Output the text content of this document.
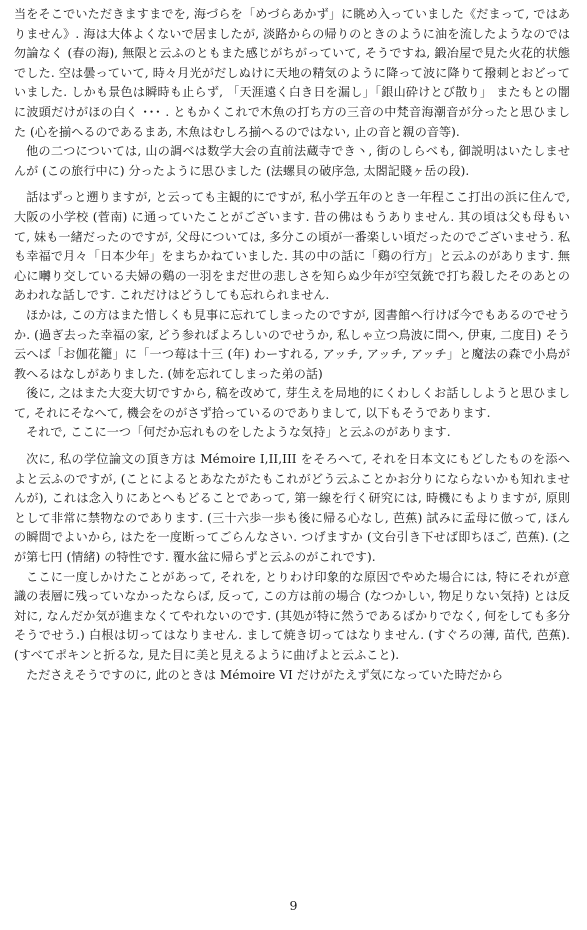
当をそこでいただきますまでを, 海づらを「めづらあかず」に眺め入っていました《だまって, ではありません》. 海は大体よくないで居ましたが, 淡路からの帰りのときのように油を流したようなのでは勿論なく (春の海), 無限と云ふのともまた感じがちがっていて, そうですね, 鍛冶屋で見た火花的状態でした. 空は曇っていて, 時々月光がだしぬけに天地の精気のように降って波に降りて撥刺とおどっていました. しかも景色は瞬時も止らず, 「天涯遠く白き日を漏し」「銀山砕けとび散り」 またもとの闇に波頭だけがほの白く ･･･ . ともかくこれで木魚の打ち方の三音の中梵音海潮音が分ったと思ひました (心を揃へるのであるまあ, 木魚はむしろ揃へるのではない, 止の音と親の音等).

他の二つについては, 山の調べは数学大会の直前法蔵寺でき丶, 街のしらべも, 御説明はいたしませんが (この旅行中に) 分ったように思ひました (法螺貝の破序急, 太閤記賤ヶ岳の段).

話はずっと遡りますが, と云っても主観的にですが, 私小学五年のとき一年程ここ打出の浜に住んで, 大阪の小学校 (菅南) に通っていたことがございます. 昔の佛はもうありません. 其の頃は父も母もいて, 妹も一緒だったのですが, 父母については, 多分この頃が一番楽しい頃だったのでございませう. 私も幸福で月々「日本少年」をまちかねていました. 其の中の話に「鷄の行方」と云ふのがあります. 無心に囀り交している夫婦の鷄の一羽をまだ世の悲しさを知らぬ少年が空気銃で打ち殺したそのあとのあわれな話しです. これだけはどうしても忘れられません.

ほかは, この方はまた惜しくも見事に忘れてしまったのですが, 図書館へ行けば今でもあるのでせうか. (過ぎ去った幸福の家, どう参ればよろしいのでせうか, 私しゃ立つ鳥波に問へ, 伊東, 二度目) そう云へば「お伽花籠」に「一つ莓は十三 (年) わーすれる, アッチ, アッチ, アッチ」と魔法の森で小鳥が教へるはなしがありました. (姉を忘れてしまった弟の話)

後に, 之はまた大変大切ですから, 稿を改めて, 芽生えを局地的にくわしくお話ししようと思ひまして, それにそなへて, 機会をのがさず拾っているのでありまして, 以下もそうであります.

それで, ここに一つ「何だか忘れものをしたような気持」と云ふのがあります.

次に, 私の学位論文の頂き方は Mémoire I,II,III をそろへて, それを日本文にもどしたものを添へよと云ふのですが, (ことによるとあなたがたもこれがどう云ふことかお分りにならないかも知れませんが), これは念入りにあとへもどることであって, 第一線を行く研究には, 時機にもよりますが, 原則として非常に禁物なのであります. (三十六歩一歩も後に帰る心なし, 芭蕉) 試みに孟母に倣って, ほんの瞬間でよいから, はたを一度断ってごらんなさい. つげますか (文台引き下せば即ちほご, 芭蕉). (之が第七円 (情緒) の特性です. 覆水盆に帰らずと云ふのがこれです).

ここに一度しかけたことがあって, それを, とりわけ印象的な原因でやめた場合には, 特にそれが意識の表層に残っていなかったならば, 反って, この方は前の場合 (なつかしい, 物足りない気持) とは反対に, なんだか気が進まなくてやれないのです. (其処が特に然うであるばかりでなく, 何をしても多分そうでせう.) 白根は切ってはなりません. まして焼き切ってはなりません. (すぐろの薄, 苗代, 芭蕉). (すべてポキンと折るな, 見た目に美と見えるように曲げよと云ふこと).

たださえそうですのに, 此のときは Mémoire VI だけがたえず気になっていた時だから

9
